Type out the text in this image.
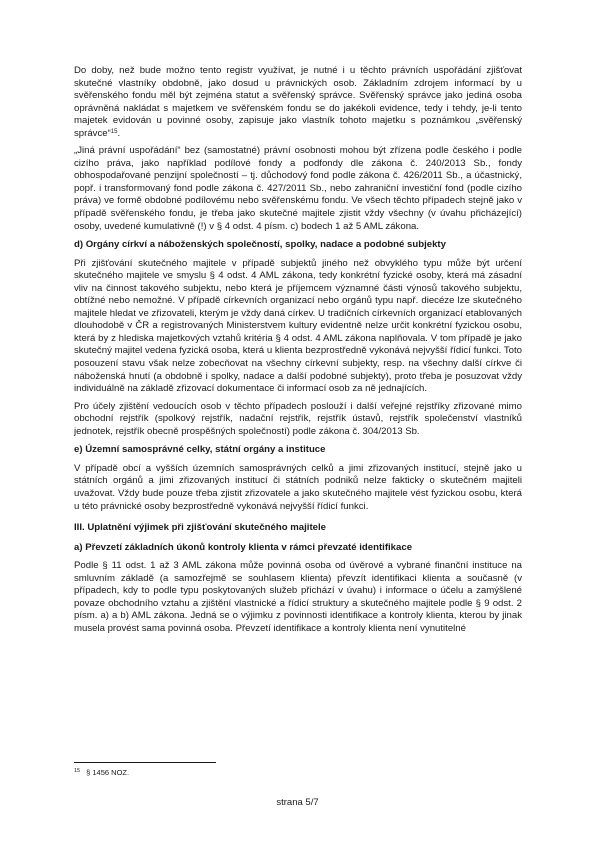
Do doby, než bude možno tento registr využívat, je nutné i u těchto právních uspořádání zjišťovat skutečné vlastníky obdobně, jako dosud u právnických osob. Základním zdrojem informací by u svěřenského fondu měl být zejména statut a svěřenský správce. Svěřenský správce jako jediná osoba oprávněná nakládat s majetkem ve svěřenském fondu se do jakékoli evidence, tedy i tehdy, je-li tento majetek evidován u povinné osoby, zapisuje jako vlastník tohoto majetku s poznámkou „svěřenský správce“$^{15}$.

„Jiná právní uspořádání“ bez (samostatné) právní osobnosti mohou být zřízena podle českého i podle cizího práva, jako například podílové fondy a podfondy dle zákona č. 240/2013 Sb., fondy obhospodařované penzijní společností – tj. důchodový fond podle zákona č. 426/2011 Sb., a účastnický, popř. i transformovaný fond podle zákona č. 427/2011 Sb., nebo zahraniční investiční fond (podle cizího práva) ve formě obdobné podílovému nebo svěřenskému fondu. Ve všech těchto případech stejně jako v případě svěřenského fondu, je třeba jako skutečné majitele zjistit vždy všechny (v úvahu přicházející) osoby, uvedené kumulativně (!) v § 4 odst. 4 písm. c) bodech 1 až 5 AML zákona.

d) Orgány církví a náboženských společností, spolky, nadace a podobné subjekty

Při zjišťování skutečného majitele v případě subjektů jiného než obvyklého typu může být určení skutečného majitele ve smyslu § 4 odst. 4 AML zákona, tedy konkrétní fyzické osoby, která má zásadní vliv na činnost takového subjektu, nebo která je příjemcem významné části výnosů takového subjektu, obtížné nebo nemožné. V případě církevních organizací nebo orgánů typu např. diecéze lze skutečného majitele hledat ve zřizovateli, kterým je vždy daná církev. U tradičních církevních organizací etablovaných dlouhodobě v ČR a registrovaných Ministerstvem kultury evidentně nelze určit konkrétní fyzickou osobu, která by z hlediska majetkových vztahů kritéria § 4 odst. 4 AML zákona naplňovala. V tom případě je jako skutečný majitel vedena fyzická osoba, která u klienta bezprostředně vykonává nejvyšší řídicí funkci. Toto posouzení stavu však nelze zobecňovat na všechny církevní subjekty, resp. na všechny další církve či náboženská hnutí (a obdobně i spolky, nadace a další podobné subjekty), proto třeba je posuzovat vždy individuálně na základě zřizovací dokumentace či informací osob za ně jednajících.

Pro účely zjištění vedoucích osob v těchto případech poslouží i další veřejné rejstříky zřizované mimo obchodní rejstřík (spolkový rejstřík, nadační rejstřík, rejstřík ústavů, rejstřík společenství vlastníků jednotek, rejstřík obecně prospěšných společností) podle zákona č. 304/2013 Sb.

e) Územní samosprávné celky, státní orgány a instituce

V případě obcí a vyšších územních samosprávných celků a jimi zřizovaných institucí, stejně jako u státních orgánů a jimi zřizovaných institucí či státních podniků nelze fakticky o skutečném majiteli uvažovat. Vždy bude pouze třeba zjistit zřizovatele a jako skutečného majitele vést fyzickou osobu, která u této právnické osoby bezprostředně vykonává nejvyšší řídicí funkci.

III. Uplatnění výjimek při zjišťování skutečného majitele
a) Převzetí základních úkonů kontroly klienta v rámci převzaté identifikace

Podle § 11 odst. 1 až 3 AML zákona může povinná osoba od úvěrové a vybrané finanční instituce na smluvním základě (a samozřejmě se souhlasem klienta) převzít identifikaci klienta a současně (v případech, kdy to podle typu poskytovaných služeb přichází v úvahu) i informace o účelu a zamýšlené povaze obchodního vztahu a zjištění vlastnické a řídicí struktury a skutečného majitele podle § 9 odst. 2 písm. a) a b) AML zákona. Jedná se o výjimku z povinnosti identifikace a kontroly klienta, kterou by jinak musela provést sama povinná osoba. Převzetí identifikace a kontroly klienta není vynutitelné

$^{15}$ § 1456 NOZ.
strana 5/7
